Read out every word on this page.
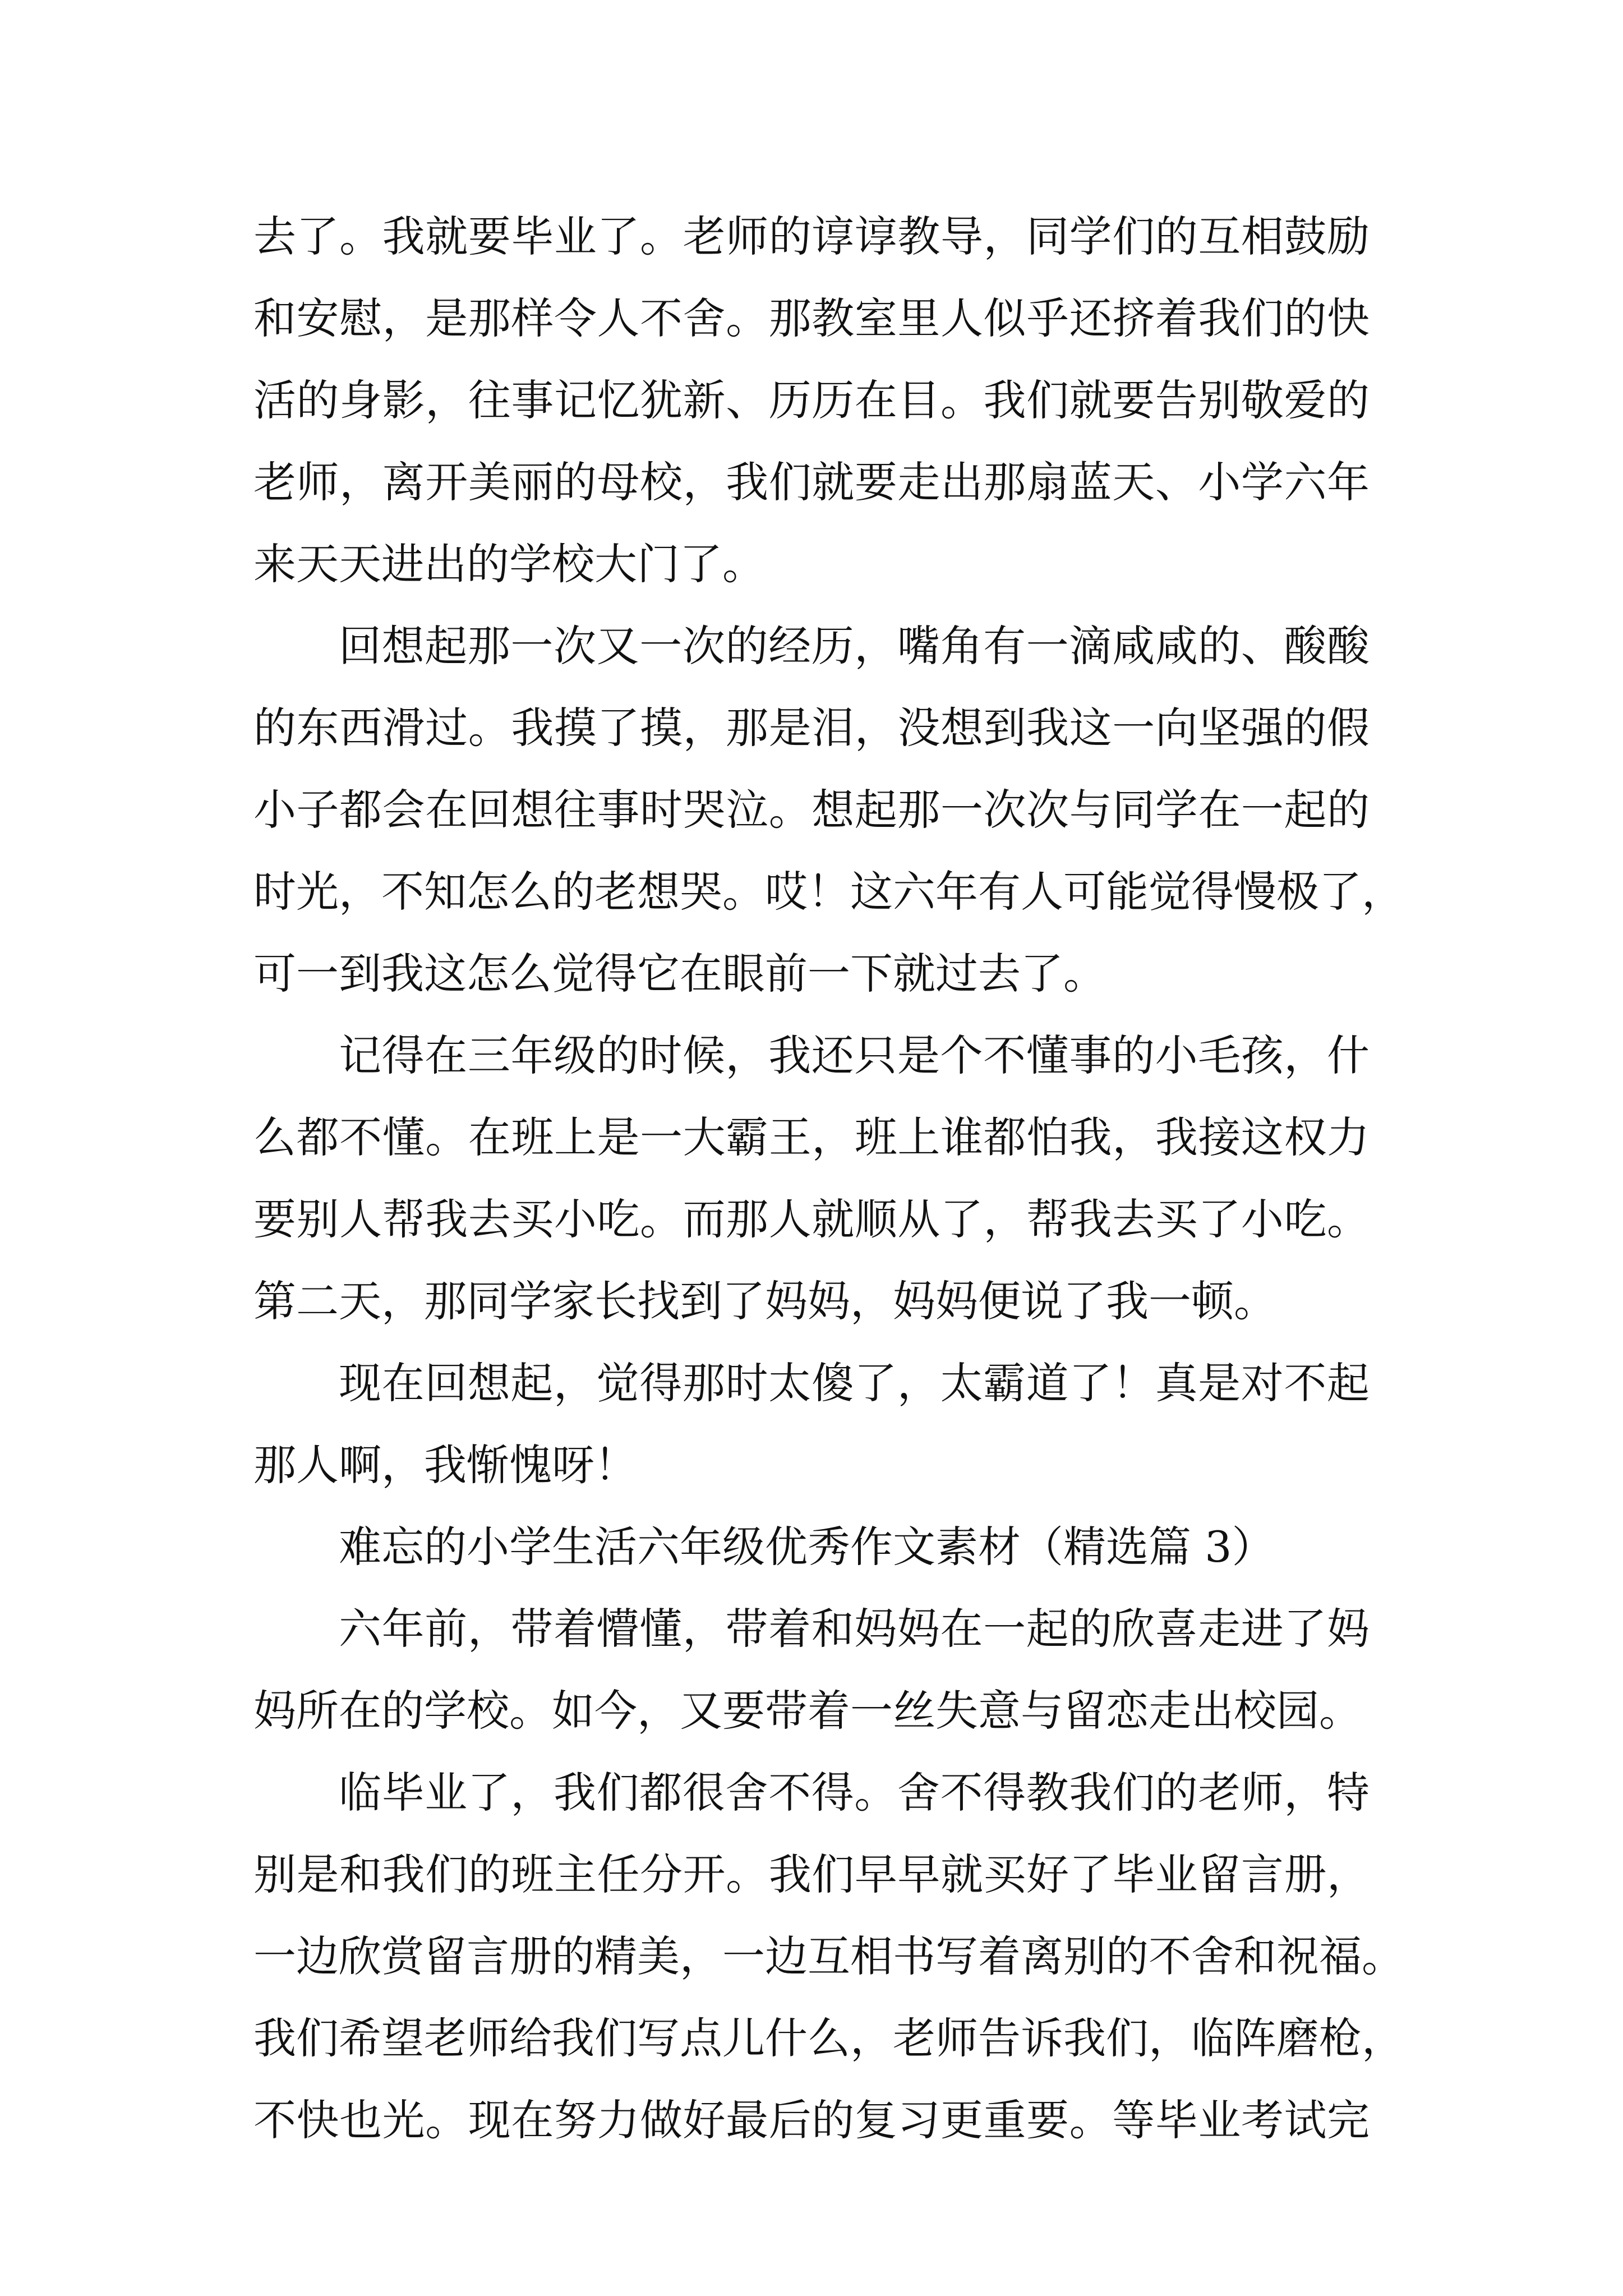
去了。我就要毕业了。老师的谆谆教导，同学们的互相鼓励
和安慰，是那样令人不舍。那教室里人似乎还挤着我们的快
活的身影，往事记忆犹新、历历在目。我们就要告别敬爱的
老师，离开美丽的母校，我们就要走出那扇蓝天、小学六年
来天天进出的学校大门了。
回想起那一次又一次的经历，嘴角有一滴咸咸的、酸酸
的东西滑过。我摸了摸，那是泪，没想到我这一向坚强的假
小子都会在回想往事时哭泣。想起那一次次与同学在一起的
时光，不知怎么的老想哭。哎！这六年有人可能觉得慢极了，
可一到我这怎么觉得它在眼前一下就过去了。
记得在三年级的时候，我还只是个不懂事的小毛孩，什
么都不懂。在班上是一大霸王，班上谁都怕我，我接这权力
要别人帮我去买小吃。而那人就顺从了，帮我去买了小吃。
第二天，那同学家长找到了妈妈，妈妈便说了我一顿。
现在回想起，觉得那时太傻了，太霸道了！真是对不起
那人啊，我惭愧呀！
难忘的小学生活六年级优秀作文素材（精选篇 3）
六年前，带着懵懂，带着和妈妈在一起的欣喜走进了妈
妈所在的学校。如今，又要带着一丝失意与留恋走出校园。
临毕业了，我们都很舍不得。舍不得教我们的老师，特
别是和我们的班主任分开。我们早早就买好了毕业留言册，
一边欣赏留言册的精美，一边互相书写着离别的不舍和祝福。
我们希望老师给我们写点儿什么，老师告诉我们，临阵磨枪，
不快也光。现在努力做好最后的复习更重要。等毕业考试完
